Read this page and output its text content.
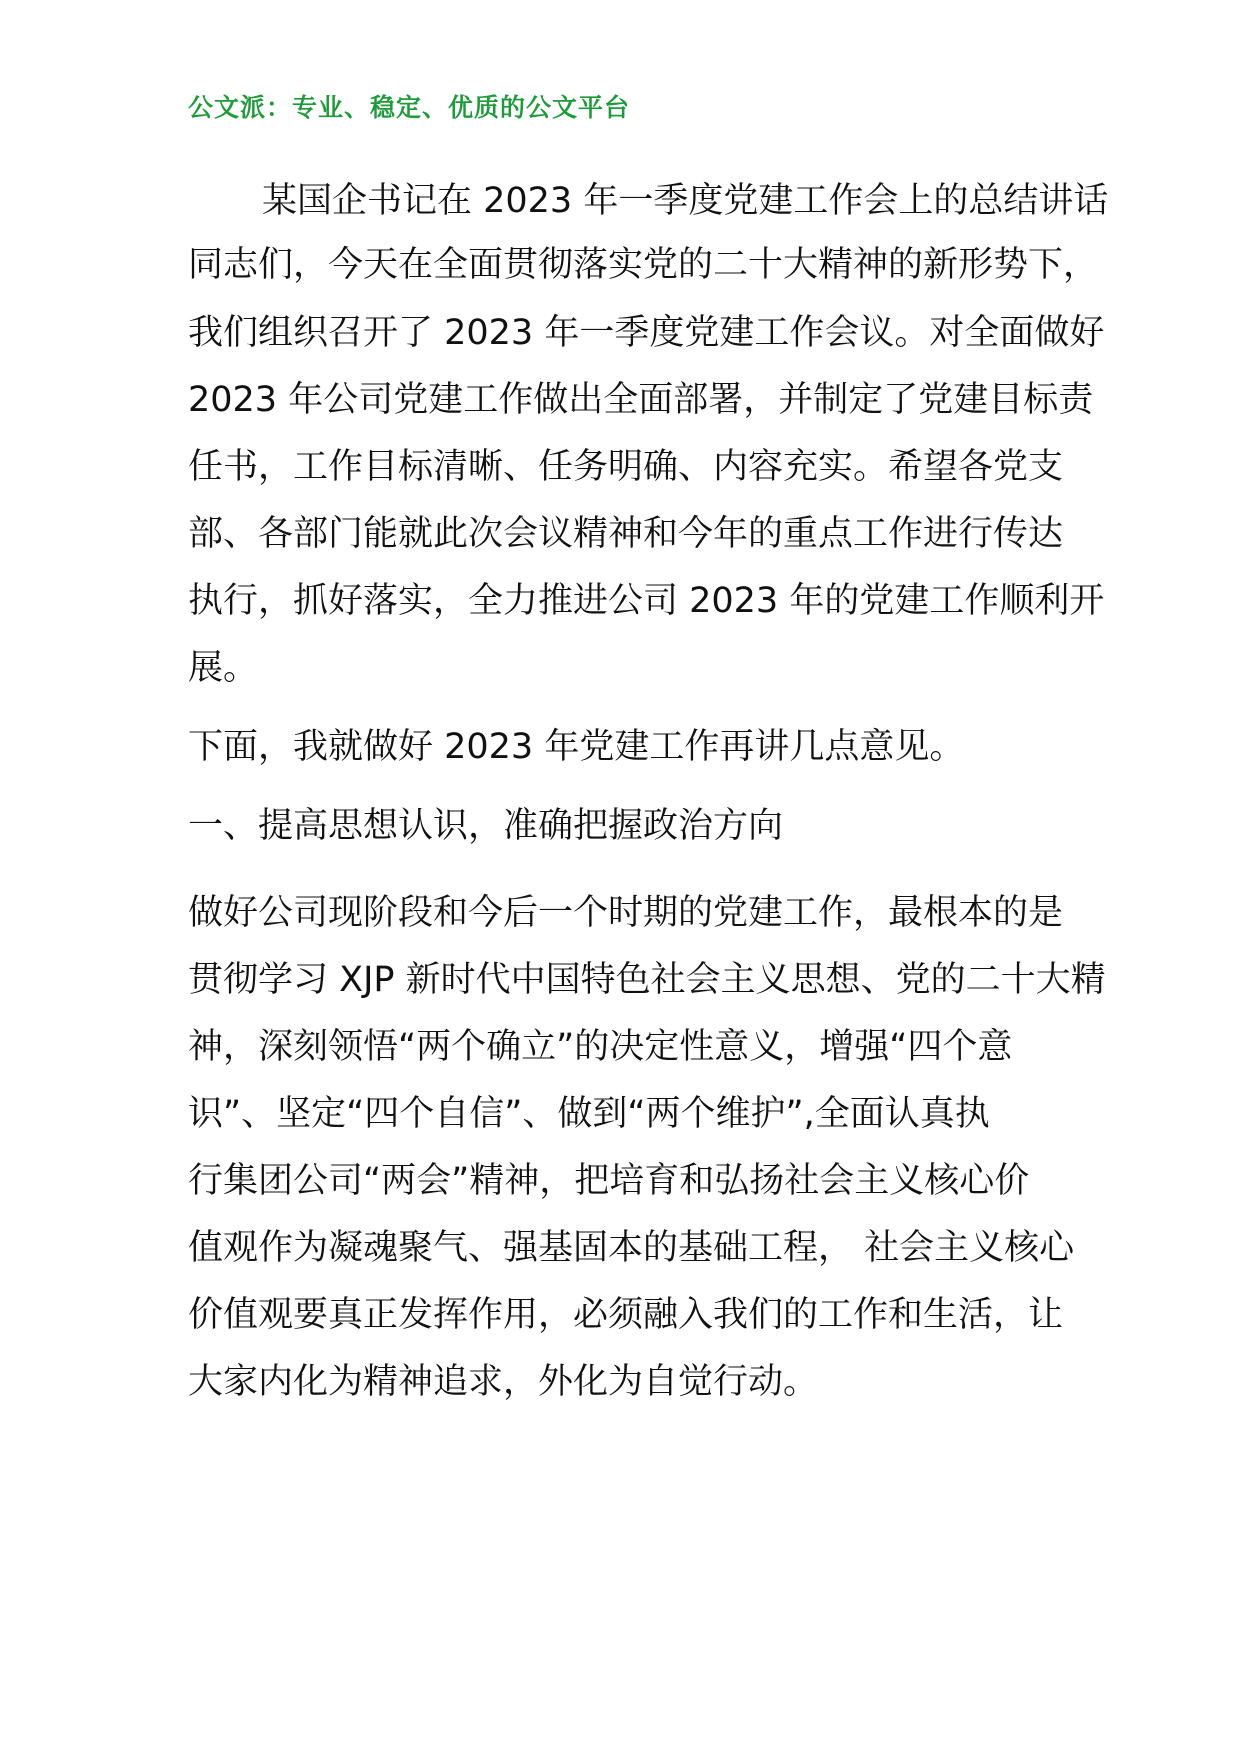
公文派：专业、稳定、优质的公文平台
某国企书记在 2023 年一季度党建工作会上的总结讲话
同志们，今天在全面贯彻落实党的二十大精神的新形势下，
我们组织召开了 2023 年一季度党建工作会议。对全面做好
2023 年公司党建工作做出全面部署，并制定了党建目标责
任书，工作目标清晰、任务明确、内容充实。希望各党支
部、各部门能就此次会议精神和今年的重点工作进行传达
执行，抓好落实，全力推进公司 2023 年的党建工作顺利开
展。
下面，我就做好 2023 年党建工作再讲几点意见。
一、提高思想认识，准确把握政治方向
做好公司现阶段和今后一个时期的党建工作，最根本的是
贯彻学习 XJP 新时代中国特色社会主义思想、党的二十大精
神，深刻领悟“两个确立”的决定性意义，增强“四个意
识”、坚定“四个自信”、做到“两个维护”,全面认真执
行集团公司“两会”精神，把培育和弘扬社会主义核心价
值观作为凝魂聚气、强基固本的基础工程， 社会主义核心
价值观要真正发挥作用，必须融入我们的工作和生活，让
大家内化为精神追求，外化为自觉行动。
